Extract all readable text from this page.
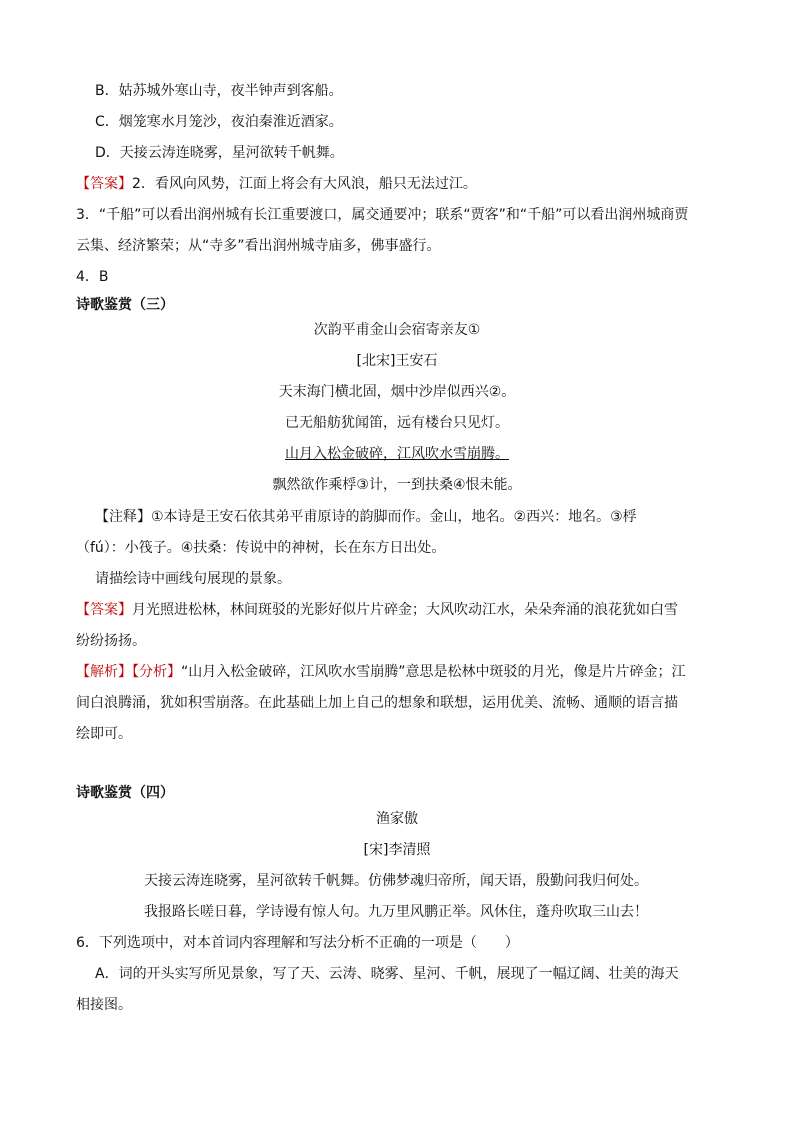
B．姑苏城外寒山寺，夜半钟声到客船。
C．烟笼寒水月笼沙，夜泊秦淮近酒家。
D．天接云涛连晓雾，星河欲转千帆舞。
【答案】2．看风向风势，江面上将会有大风浪，船只无法过江。
3．“千船”可以看出润州城有长江重要渡口，属交通要冲；联系“贾客”和“千船”可以看出润州城商贾
云集、经济繁荣；从“寺多”看出润州城寺庙多，佛事盛行。
4．B
诗歌鉴赏（三）
次韵平甫金山会宿寄亲友①
[北宋]王安石
天末海门横北固，烟中沙岸似西兴②。
已无船舫犹闻笛，远有楼台只见灯。
山月入松金破碎，江风吹水雪崩腾。
飘然欲作乘桴③计，一到扶桑④恨未能。
【注释】①本诗是王安石依其弟平甫原诗的韵脚而作。金山，地名。②西兴：地名。③桴
（fú）：小筏子。④扶桑：传说中的神树，长在东方日出处。
请描绘诗中画线句展现的景象。
【答案】月光照进松林，林间斑驳的光影好似片片碎金；大风吹动江水，朵朵奔涌的浪花犹如白雪
纷纷扬扬。
【解析】【分析】“山月入松金破碎，江风吹水雪崩腾”意思是松林中斑驳的月光，像是片片碎金；江
间白浪腾涌，犹如积雪崩落。在此基础上加上自己的想象和联想，运用优美、流畅、通顺的语言描
绘即可。
诗歌鉴赏（四）
渔家傲
[宋]李清照
天接云涛连晓雾，星河欲转千帆舞。仿佛梦魂归帝所，闻天语，殷勤问我归何处。
我报路长嗟日暮，学诗谩有惊人句。九万里风鹏正举。风休住，蓬舟吹取三山去！
6．下列选项中，对本首词内容理解和写法分析不正确的一项是（　　）
A．词的开头实写所见景象，写了天、云涛、晓雾、星河、千帆，展现了一幅辽阔、壮美的海天
相接图。
